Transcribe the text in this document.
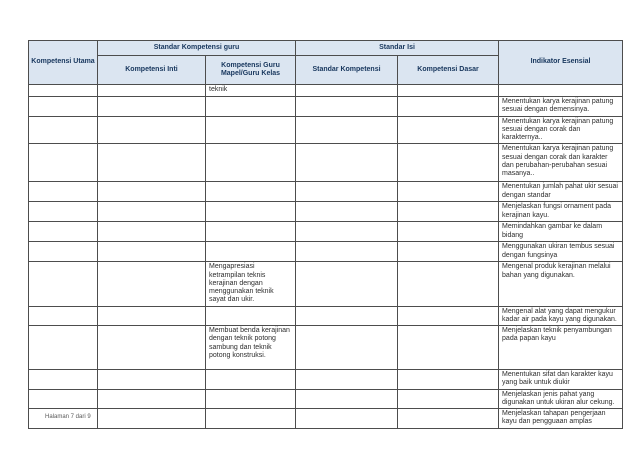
Kompetensi Utama	Standar Kompetensi guru		Standar Isi		Indikator Esensial
	Kompetensi Inti	Kompetensi Guru Mapel/Guru Kelas	Standar Kompetensi	Kompetensi Dasar	
		teknik			
					Menentukan karya kerajinan patung sesuai dengan demensinya.
					Menentukan karya kerajinan patung sesuai dengan corak dan karakternya..
					Menentukan karya kerajinan patung sesuai dengan corak dan karakter dan perubahan-perubahan sesuai masanya..
					Menentukan jumlah pahat ukir sesuai dengan standar
					Menjelaskan fungsi ornament pada kerajinan kayu.
					Memindahkan gambar ke dalam bidang
					Menggunakan ukiran tembus sesuai dengan fungsinya
		Mengapresiasi ketrampilan teknis kerajinan dengan menggunakan teknik sayat dan ukir.			Mengenal produk kerajinan melalui bahan yang digunakan.
					Mengenal alat yang dapat mengukur kadar air pada kayu yang digunakan.
		Membuat benda kerajinan dengan teknik potong sambung dan teknik potong konstruksi.			Menjelaskan teknik penyambungan pada papan kayu
					Menentukan sifat dan karakter kayu yang baik untuk diukir
					Menjelaskan jenis pahat yang digunakan untuk ukiran alur cekung.
					Menjelaskan tahapan pengerjaan kayu dan pengguaan amplas
Halaman 7 dari 9
